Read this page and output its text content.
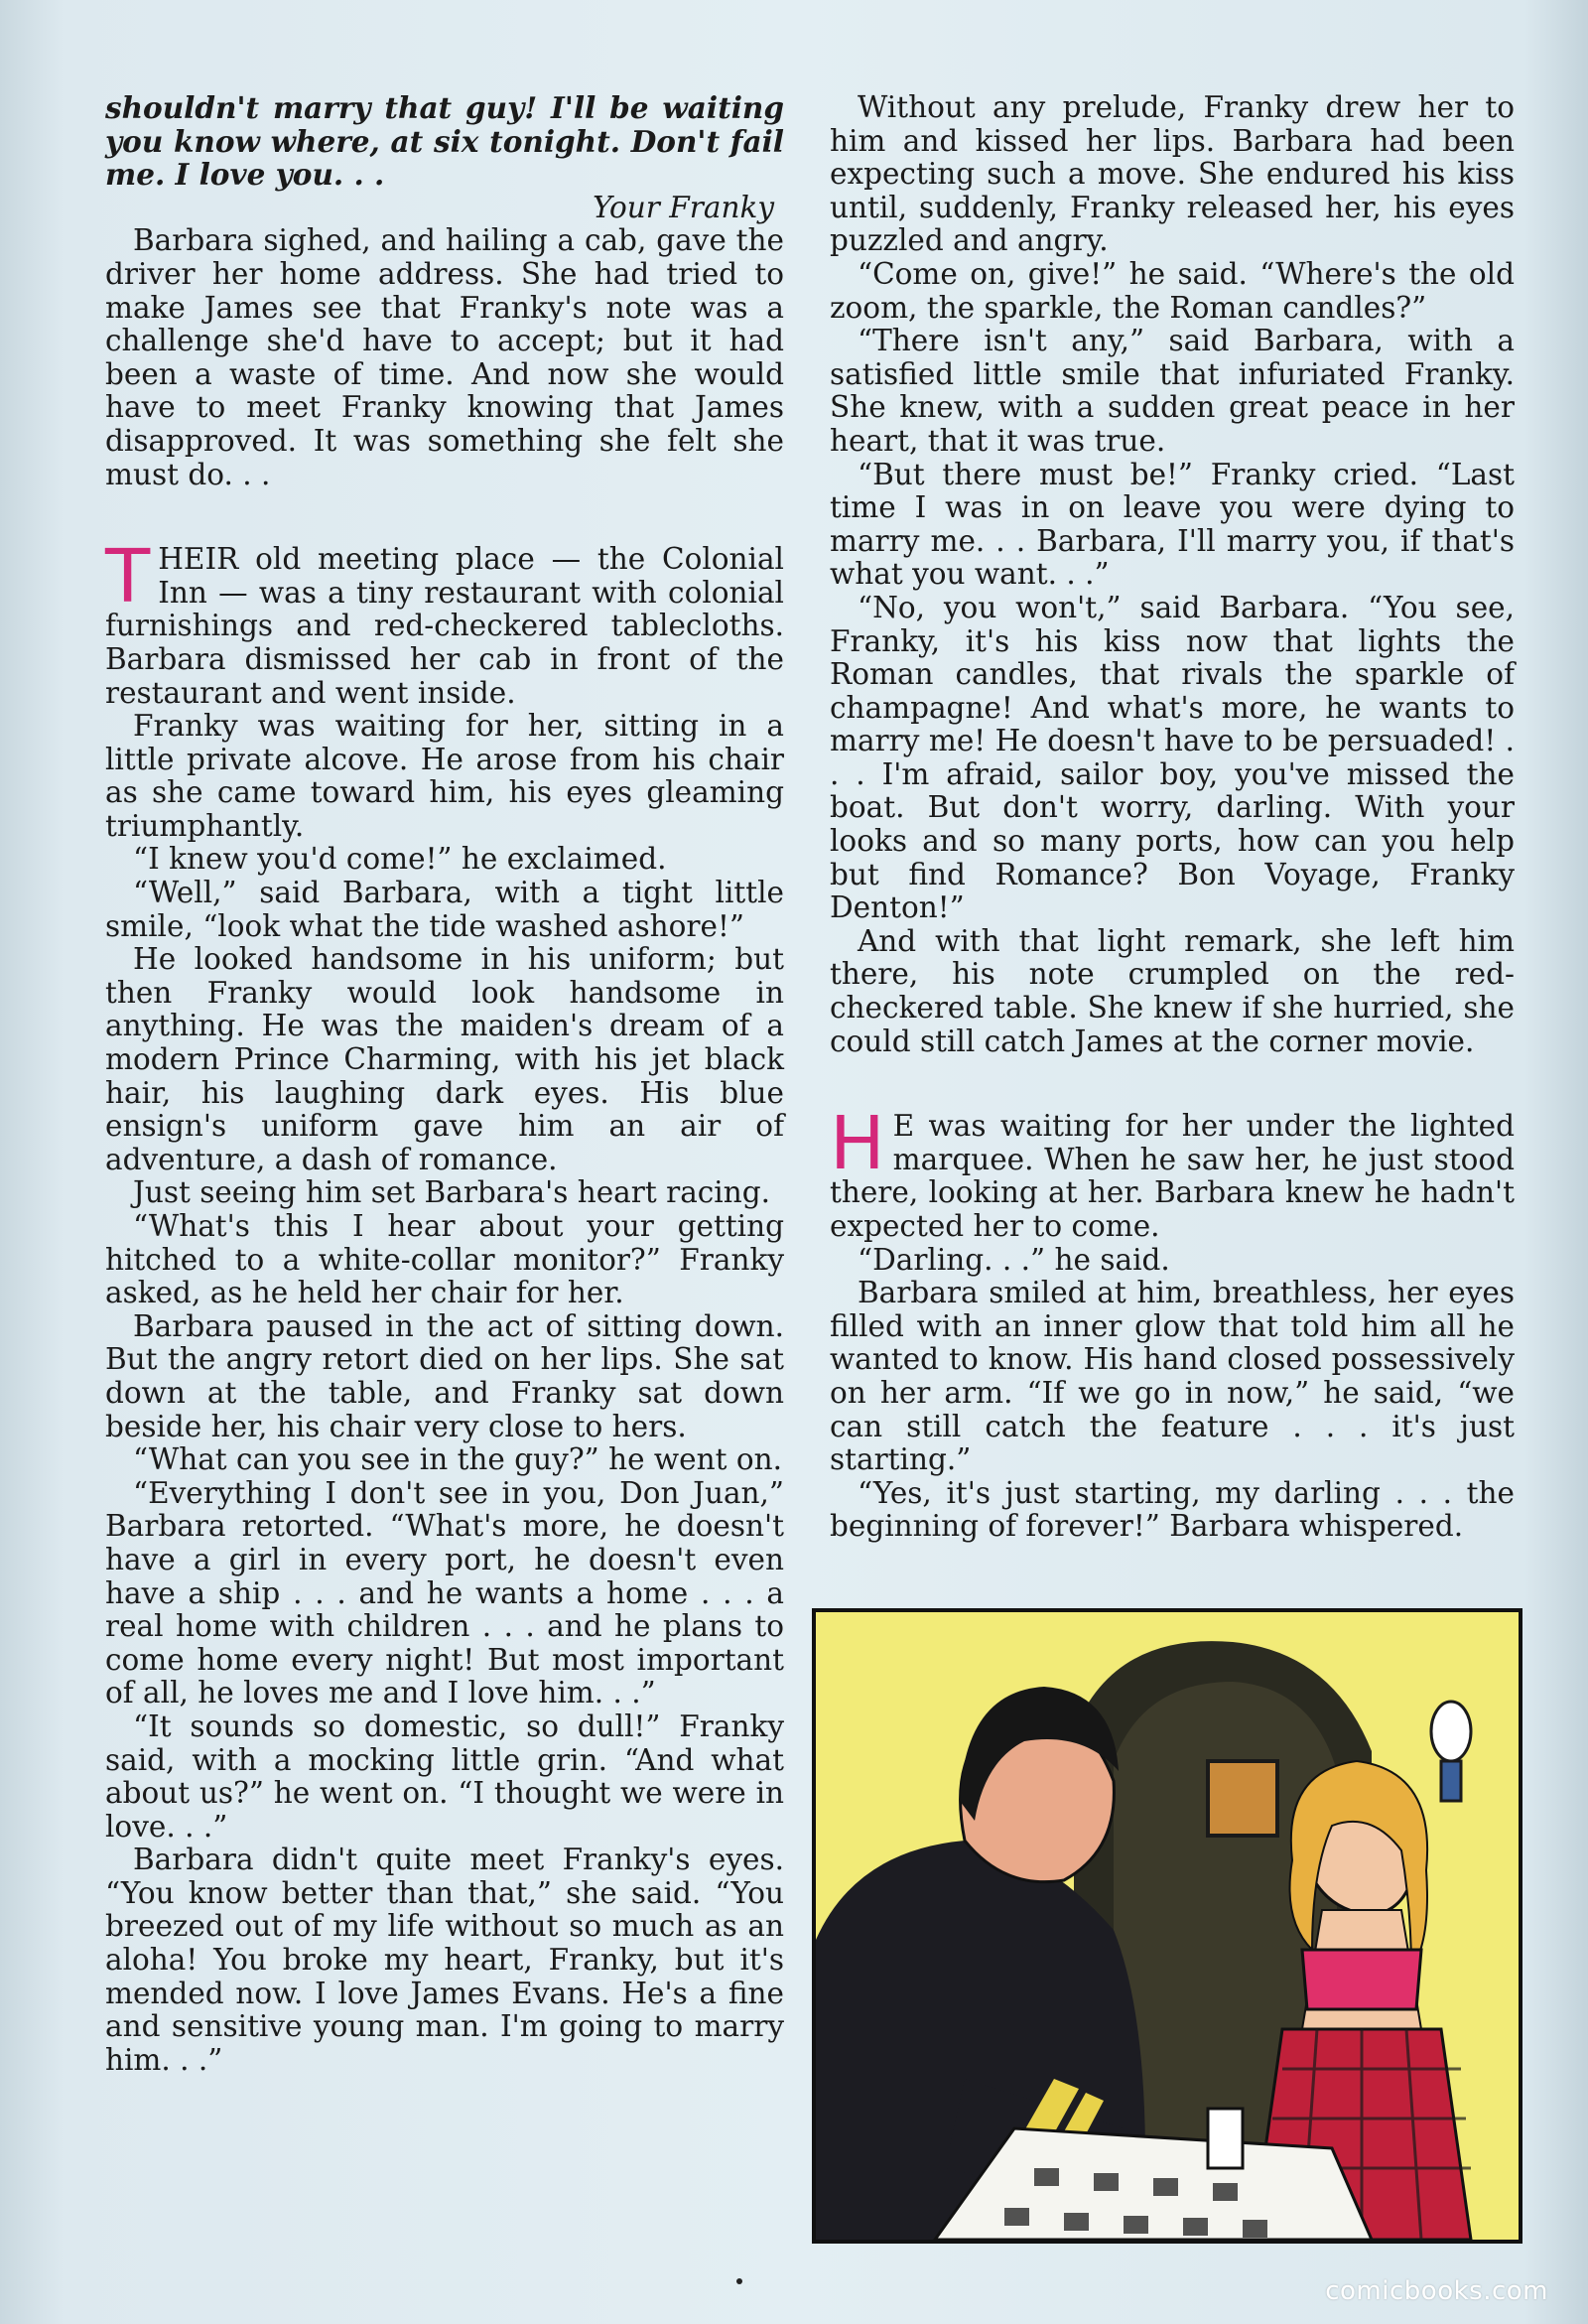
shouldn't marry that guy! I'll be waiting you know where, at six tonight. Don't fail me. I love you. . .

Your Franky

Barbara sighed, and hailing a cab, gave the driver her home address. She had tried to make James see that Franky's note was a challenge she'd have to accept; but it had been a waste of time. And now she would have to meet Franky knowing that James disapproved. It was something she felt she must do. . .

T HEIR old meeting place — the Colonial Inn — was a tiny restaurant with colonial furnishings and red-checkered tablecloths. Barbara dismissed her cab in front of the restaurant and went inside.

Franky was waiting for her, sitting in a little private alcove. He arose from his chair as she came toward him, his eyes gleaming triumphantly.

“I knew you'd come!” he exclaimed.

“Well,” said Barbara, with a tight little smile, “look what the tide washed ashore!”

He looked handsome in his uniform; but then Franky would look handsome in anything. He was the maiden's dream of a modern Prince Charming, with his jet black hair, his laughing dark eyes. His blue ensign's uniform gave him an air of adventure, a dash of romance.

Just seeing him set Barbara's heart racing.

“What's this I hear about your getting hitched to a white-collar monitor?” Franky asked, as he held her chair for her.

Barbara paused in the act of sitting down. But the angry retort died on her lips. She sat down at the table, and Franky sat down beside her, his chair very close to hers.

“What can you see in the guy?” he went on.

“Everything I don't see in you, Don Juan,” Barbara retorted. “What's more, he doesn't have a girl in every port, he doesn't even have a ship . . . and he wants a home . . . a real home with children . . . and he plans to come home every night! But most important of all, he loves me and I love him. . .”

“It sounds so domestic, so dull!” Franky said, with a mocking little grin. “And what about us?” he went on. “I thought we were in love. . .”

Barbara didn't quite meet Franky's eyes. “You know better than that,” she said. “You breezed out of my life without so much as an aloha! You broke my heart, Franky, but it's mended now. I love James Evans. He's a fine and sensitive young man. I'm going to marry him. . .”

Without any prelude, Franky drew her to him and kissed her lips. Barbara had been expecting such a move. She endured his kiss until, suddenly, Franky released her, his eyes puzzled and angry.

“Come on, give!” he said. “Where's the old zoom, the sparkle, the Roman candles?”

“There isn't any,” said Barbara, with a satisfied little smile that infuriated Franky. She knew, with a sudden great peace in her heart, that it was true.

“But there must be!” Franky cried. “Last time I was in on leave you were dying to marry me. . . Barbara, I'll marry you, if that's what you want. . .”

“No, you won't,” said Barbara. “You see, Franky, it's his kiss now that lights the Roman candles, that rivals the sparkle of champagne! And what's more, he wants to marry me! He doesn't have to be persuaded! . . . I'm afraid, sailor boy, you've missed the boat. But don't worry, darling. With your looks and so many ports, how can you help but find Romance? Bon Voyage, Franky Denton!”

And with that light remark, she left him there, his note crumpled on the red-checkered table. She knew if she hurried, she could still catch James at the corner movie.

H E was waiting for her under the lighted marquee. When he saw her, he just stood there, looking at her. Barbara knew he hadn't expected her to come.

“Darling. . .” he said.

Barbara smiled at him, breathless, her eyes filled with an inner glow that told him all he wanted to know. His hand closed possessively on her arm. “If we go in now,” he said, “we can still catch the feature . . . it's just starting.”

“Yes, it's just starting, my darling . . . the beginning of forever!” Barbara whispered.

comicbooks.com
